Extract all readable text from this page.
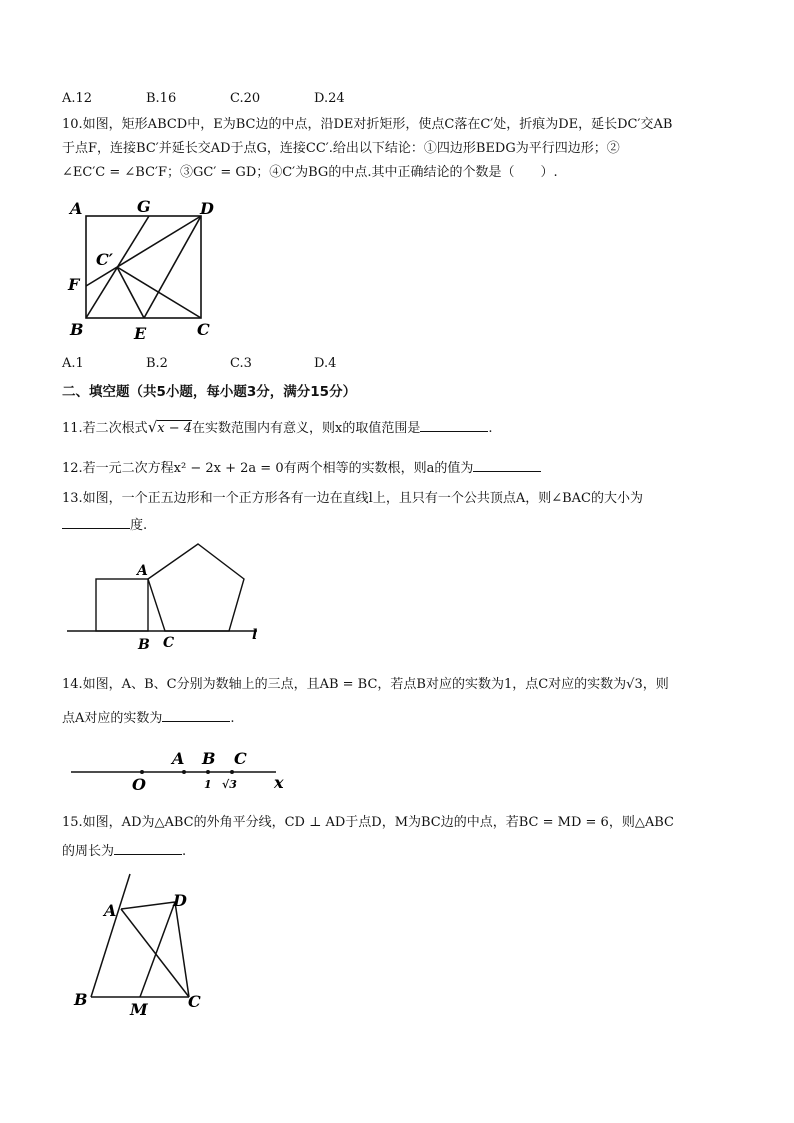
A.12	B.16	C.20	D.24
10.如图，矩形ABCD中，E为BC边的中点，沿DE对折矩形，使点C落在C′处，折痕为DE，延长DC′交AB
于点F，连接BC′并延长交AD于点G，连接CC′.给出以下结论：①四边形BEDG为平行四边形；②
∠EC′C = ∠BC′F；③GC′ = GD；④C′为BG的中点.其中正确结论的个数是（　　）.
A	G	D
C′
F
B	E	C
A.1	B.2	C.3	D.4
二、填空题（共5小题，每小题3分，满分15分）
11.若二次根式√x − 4在实数范围内有意义，则x的取值范围是	.
12.若一元二次方程x² − 2x + 2a = 0有两个相等的实数根，则a的值为
13.如图，一个正五边形和一个正方形各有一边在直线l上，且只有一个公共顶点A，则∠BAC的大小为
度.
A
B C	l
14.如图，A、B、C分别为数轴上的三点，且AB = BC，若点B对应的实数为1，点C对应的实数为√3，则
点A对应的实数为	.
A B C
O	1 √3 x
15.如图，AD为△ABC的外角平分线，CD ⊥ AD于点D，M为BC边的中点，若BC = MD = 6，则△ABC
的周长为	.
A
D
B
M	C
